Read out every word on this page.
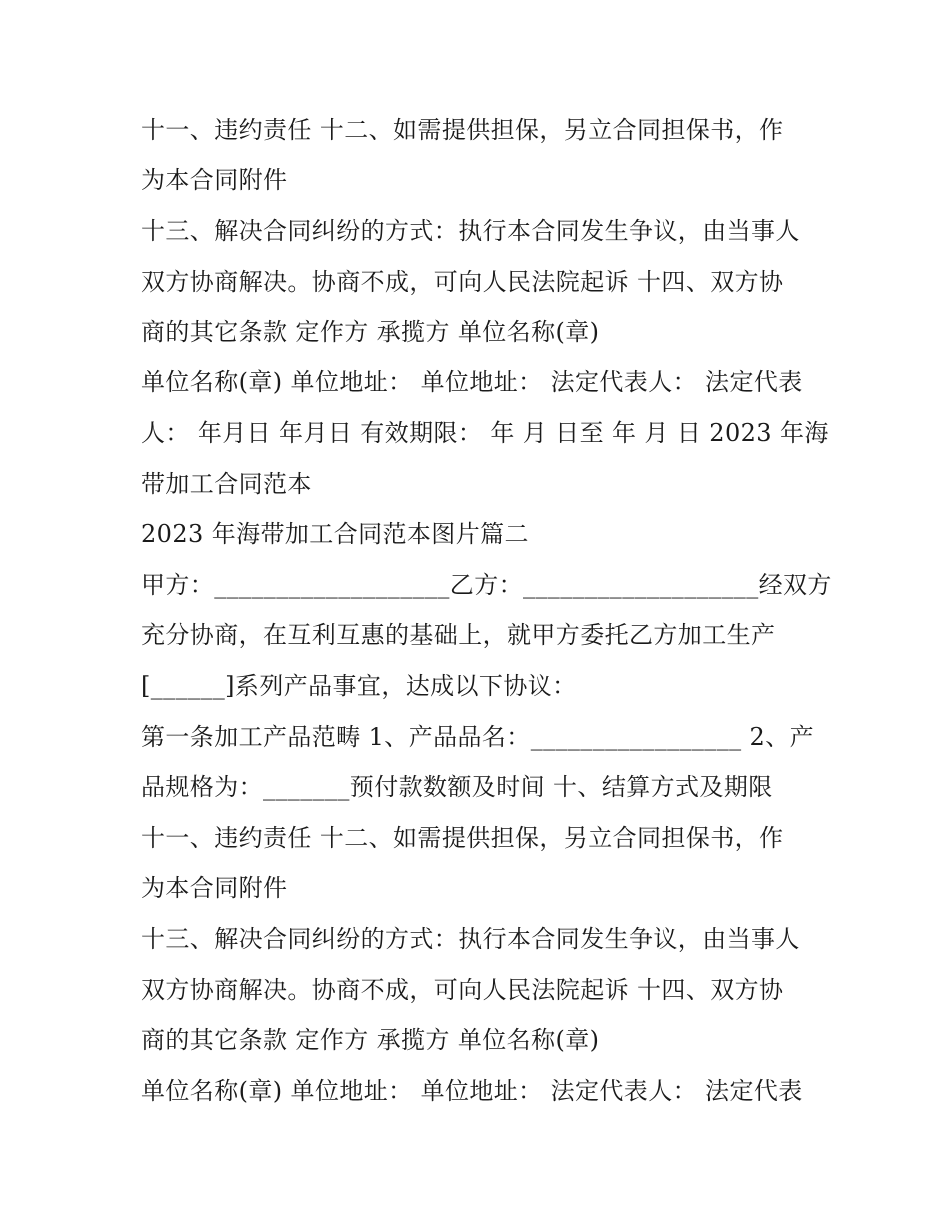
十一、违约责任 十二、如需提供担保，另立合同担保书，作
为本合同附件
十三、解决合同纠纷的方式：执行本合同发生争议，由当事人
双方协商解决。协商不成，可向人民法院起诉 十四、双方协
商的其它条款 定作方 承揽方 单位名称(章)
单位名称(章) 单位地址： 单位地址： 法定代表人： 法定代表
人： 年月日 年月日 有效期限： 年 月 日至 年 月 日 2023 年海
带加工合同范本
2023 年海带加工合同范本图片篇二
甲方：___________________乙方：___________________经双方
充分协商，在互利互惠的基础上，就甲方委托乙方加工生产
[______]系列产品事宜，达成以下协议：
第一条加工产品范畴 1、产品品名：_________________ 2、产
品规格为：_______预付款数额及时间 十、结算方式及期限
十一、违约责任 十二、如需提供担保，另立合同担保书，作
为本合同附件
十三、解决合同纠纷的方式：执行本合同发生争议，由当事人
双方协商解决。协商不成，可向人民法院起诉 十四、双方协
商的其它条款 定作方 承揽方 单位名称(章)
单位名称(章) 单位地址： 单位地址： 法定代表人： 法定代表
